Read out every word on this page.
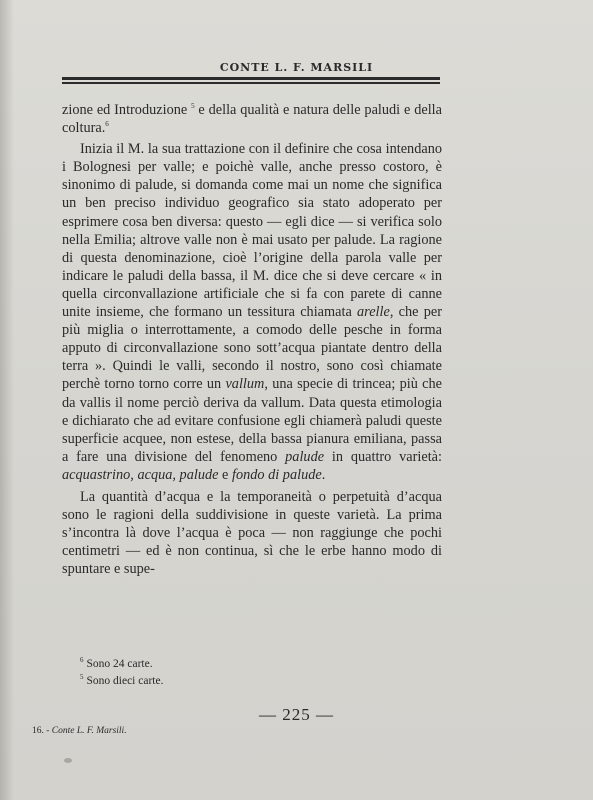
CONTE L. F. MARSILI

zione ed Introduzione $^5$ e della qualità e natura delle paludi e della coltura.$^6$

Inizia il M. la sua trattazione con il definire che cosa intendano i Bolognesi per valle; e poichè valle, anche presso costoro, è sinonimo di palude, si domanda come mai un nome che significa un ben preciso individuo geografico sia stato adoperato per esprimere cosa ben diversa: questo — egli dice — si verifica solo nella Emilia; altrove valle non è mai usato per palude. La ragione di questa denominazione, cioè l’origine della parola valle per indicare le paludi della bassa, il M. dice che si deve cercare « in quella circonvallazione artificiale che si fa con parete di canne unite insieme, che formano un tessitura chiamata arelle, che per più miglia o interrottamente, a comodo delle pesche in forma apputo di circonvallazione sono sott’acqua piantate dentro della terra ». Quindi le valli, secondo il nostro, sono così chiamate perchè torno torno corre un vallum, una specie di trincea; più che da vallis il nome perciò deriva da vallum. Data questa etimologia e dichiarato che ad evitare confusione egli chiamerà paludi queste superficie acquee, non estese, della bassa pianura emiliana, passa a fare una divisione del fenomeno palude in quattro varietà: acquastrino, acqua, palude e fondo di palude.

La quantità d’acqua e la temporaneità o perpetuità d’acqua sono le ragioni della suddivisione in queste varietà. La prima s’incontra là dove l’acqua è poca — non raggiunge che pochi centimetri — ed è non continua, sì che le erbe hanno modo di spuntare e supe-

$^6$ Sono 24 carte.
$^5$ Sono dieci carte.
— 225 —
16. - Conte L. F. Marsili.
